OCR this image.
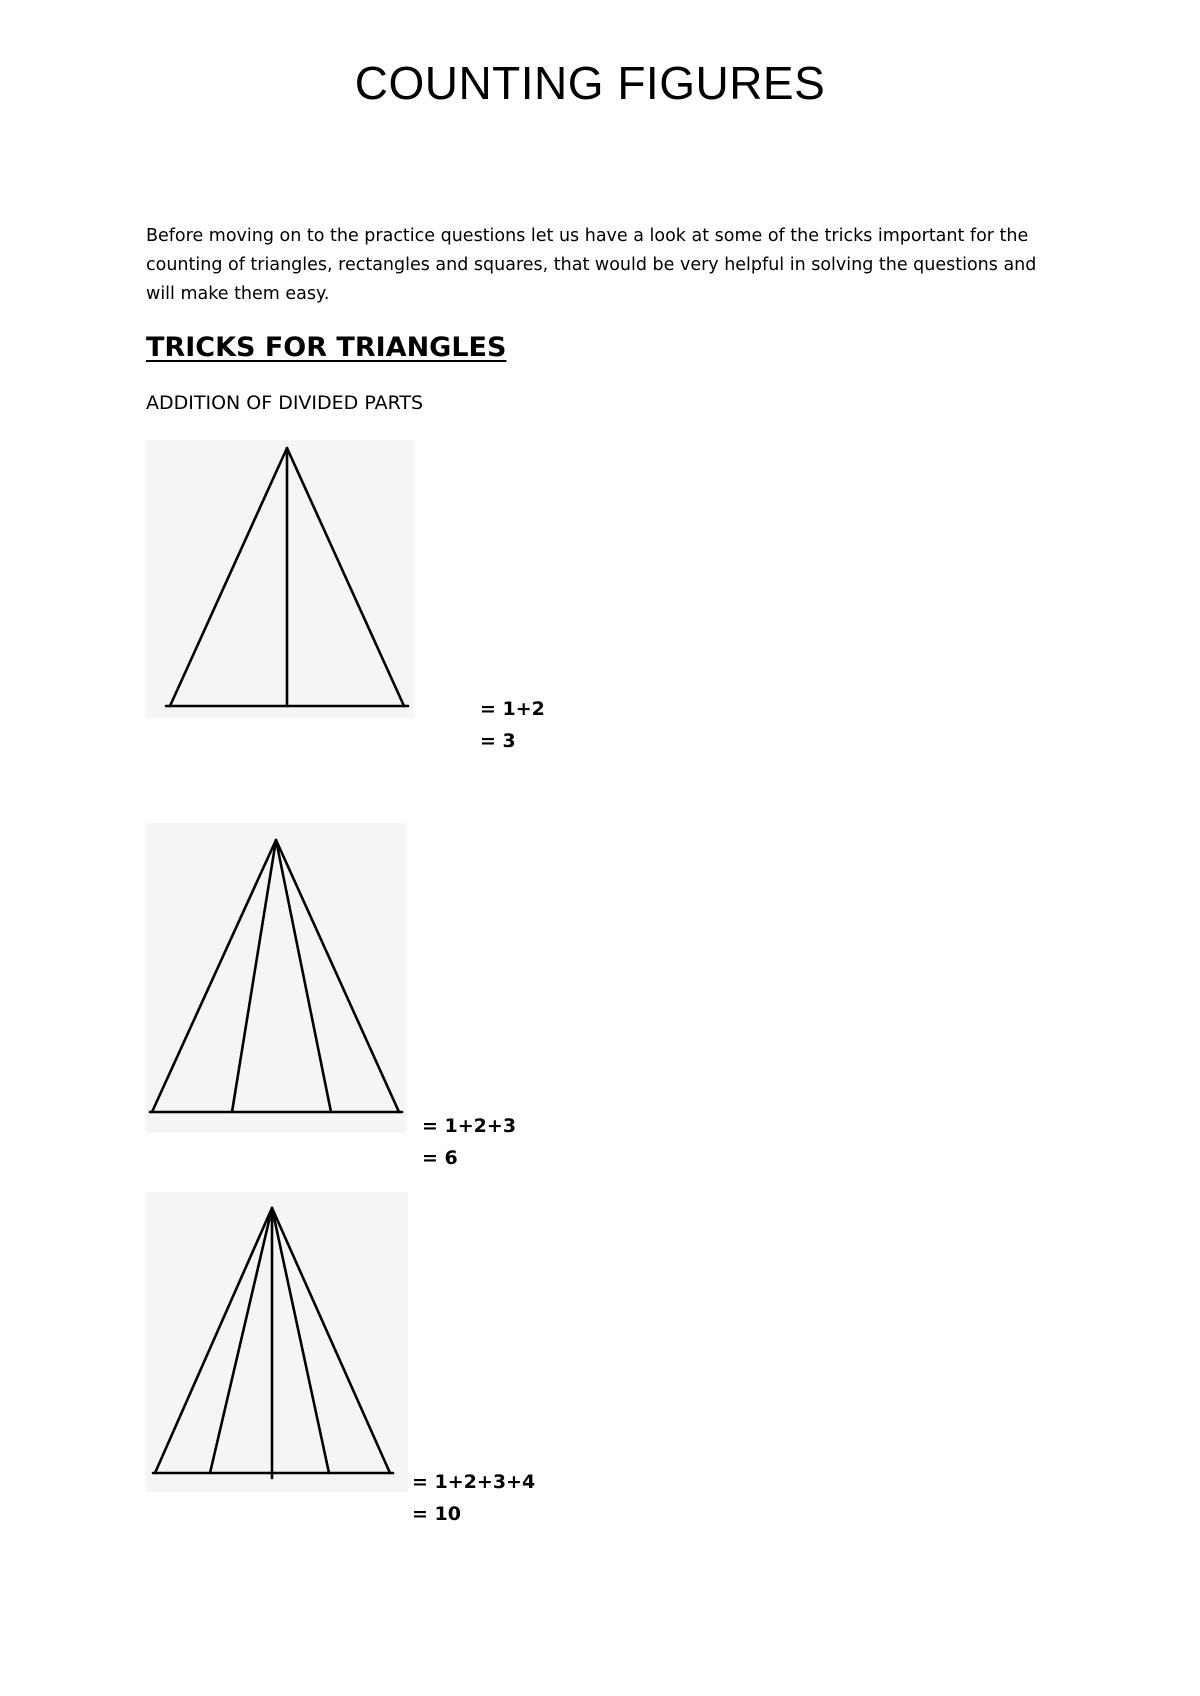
COUNTING FIGURES

Before moving on to the practice questions let us have a look at some of the tricks important for the

counting of triangles, rectangles and squares, that would be very helpful in solving the questions and

will make them easy.

TRICKS FOR TRIANGLES
ADDITION OF DIVIDED PARTS
= 1+2
= 3
= 1+2+3
= 6
= 1+2+3+4
= 10
